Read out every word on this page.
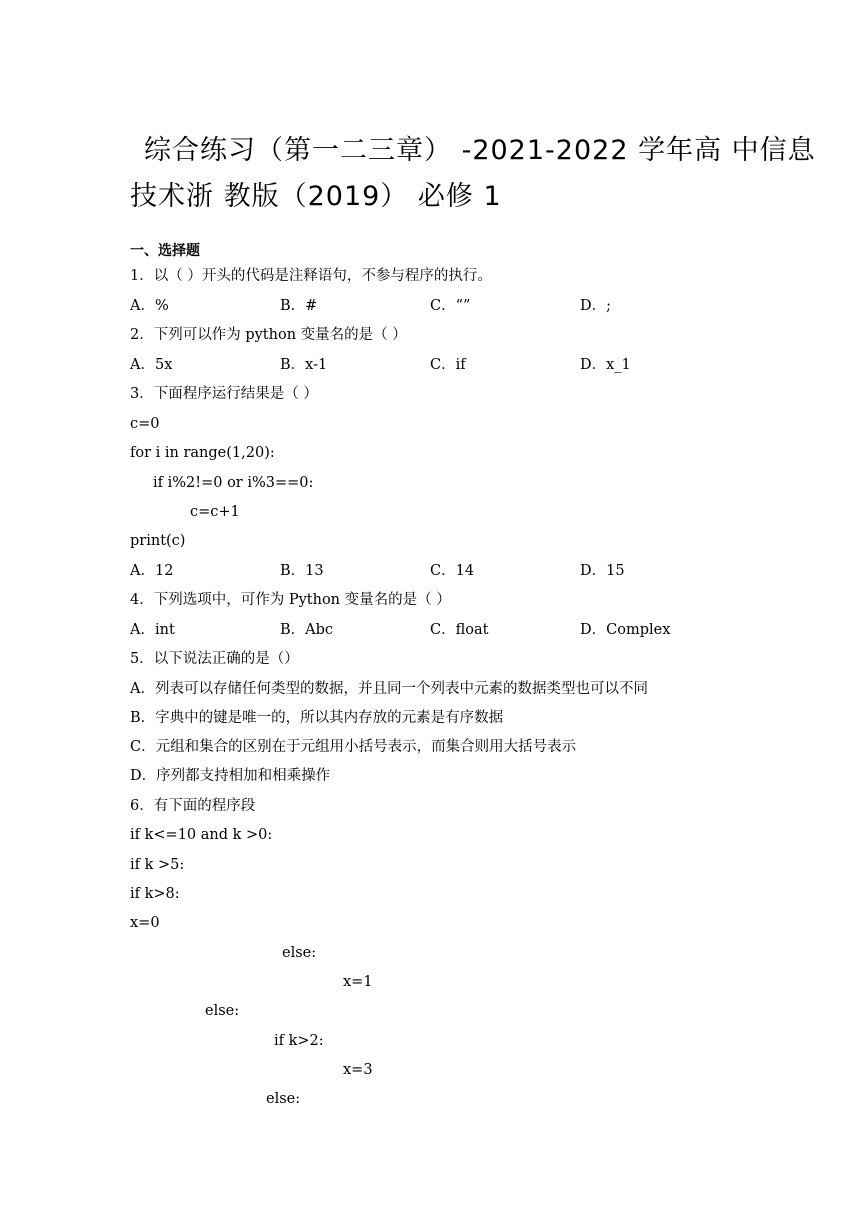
综合练习（第一二三章） -2021-2022 学年高 中信息
技术浙 教版（2019） 必修 1
一、选择题
1．以（ ）开头的代码是注释语句，不参与程序的执行。
A．%	B．#	C．“”	D．;
2．下列可以作为 python 变量名的是（ ）
A．5x	B．x-1	C．if	D．x_1
3．下面程序运行结果是（ ）
c=0
for i in range(1,20):
if i%2!=0 or i%3==0:
c=c+1
print(c)
A．12	B．13	C．14	D．15
4．下列选项中，可作为 Python 变量名的是（ ）
A．int	B．Abc	C．float	D．Complex
5．以下说法正确的是（）
A．列表可以存储任何类型的数据，并且同一个列表中元素的数据类型也可以不同
B．字典中的键是唯一的，所以其内存放的元素是有序数据
C．元组和集合的区别在于元组用小括号表示，而集合则用大括号表示
D．序列都支持相加和相乘操作
6．有下面的程序段
if k<=10 and k >0:
if k >5:
if k>8:
x=0
else:
x=1
else:
if k>2:
x=3
else:
